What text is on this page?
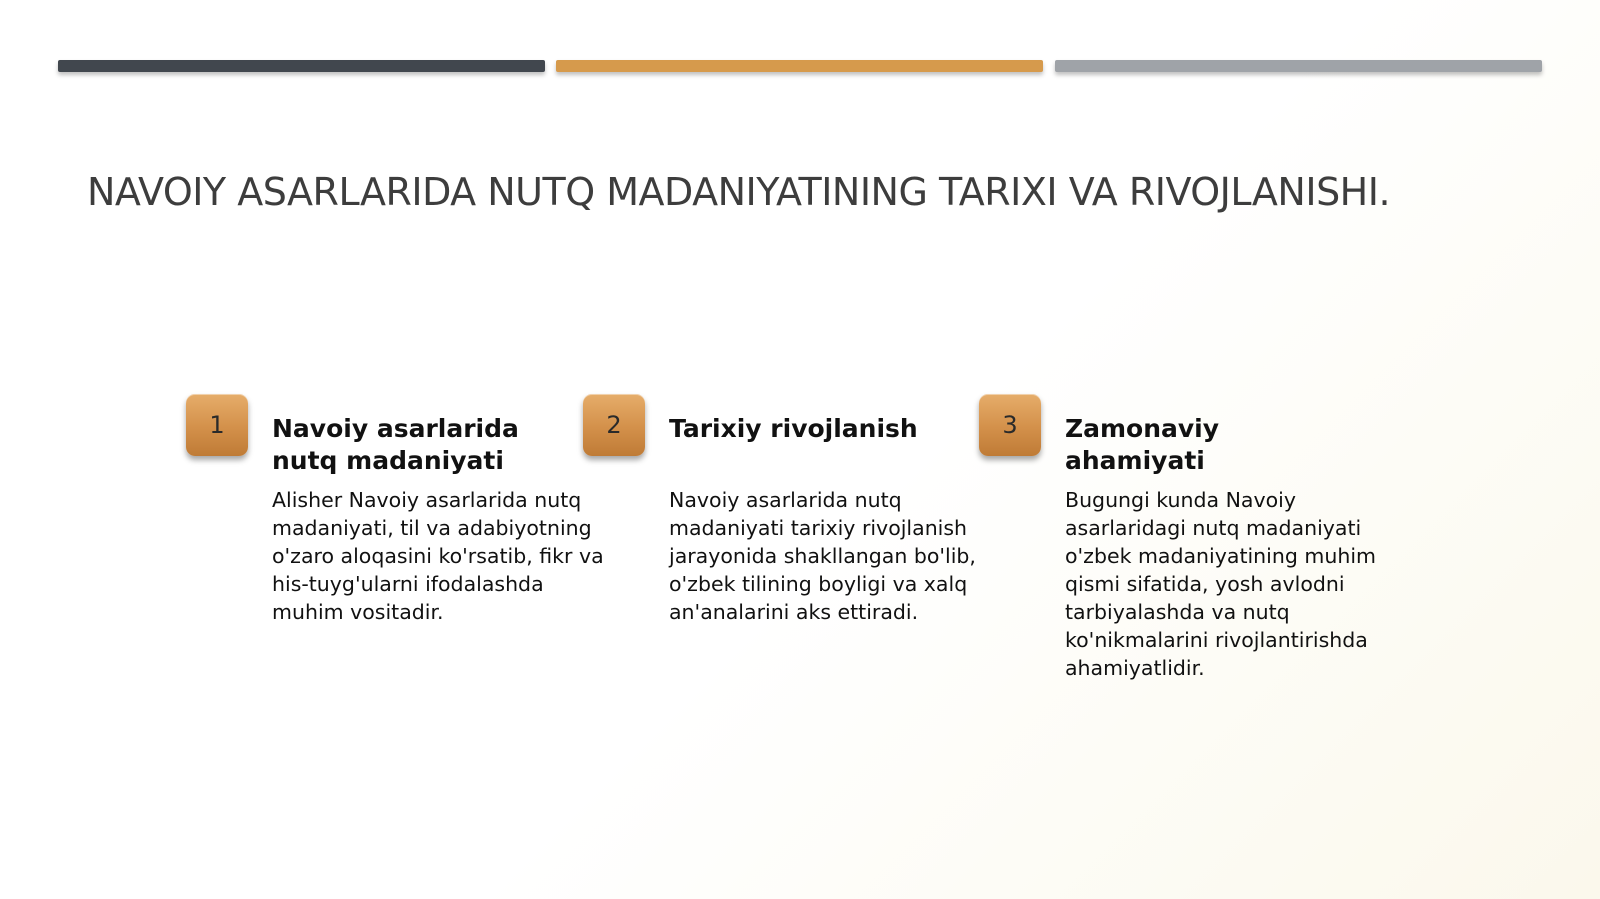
NAVOIY ASARLARIDA NUTQ MADANIYATINING TARIXI VA RIVOJLANISHI.
1	Navoiy asarlarida nutq madaniyati

Alisher Navoiy asarlarida nutq madaniyati, til va adabiyotning o'zaro aloqasini ko'rsatib, fikr va his-tuyg'ularni ifodalashda muhim vositadir.

2	Tarixiy rivojlanish

Navoiy asarlarida nutq madaniyati tarixiy rivojlanish jarayonida shakllangan bo'lib, o'zbek tilining boyligi va xalq an'analarini aks ettiradi.

3	Zamonaviy ahamiyati

Bugungi kunda Navoiy asarlaridagi nutq madaniyati o'zbek madaniyatining muhim qismi sifatida, yosh avlodni tarbiyalashda va nutq ko'nikmalarini rivojlantirishda ahamiyatlidir.
